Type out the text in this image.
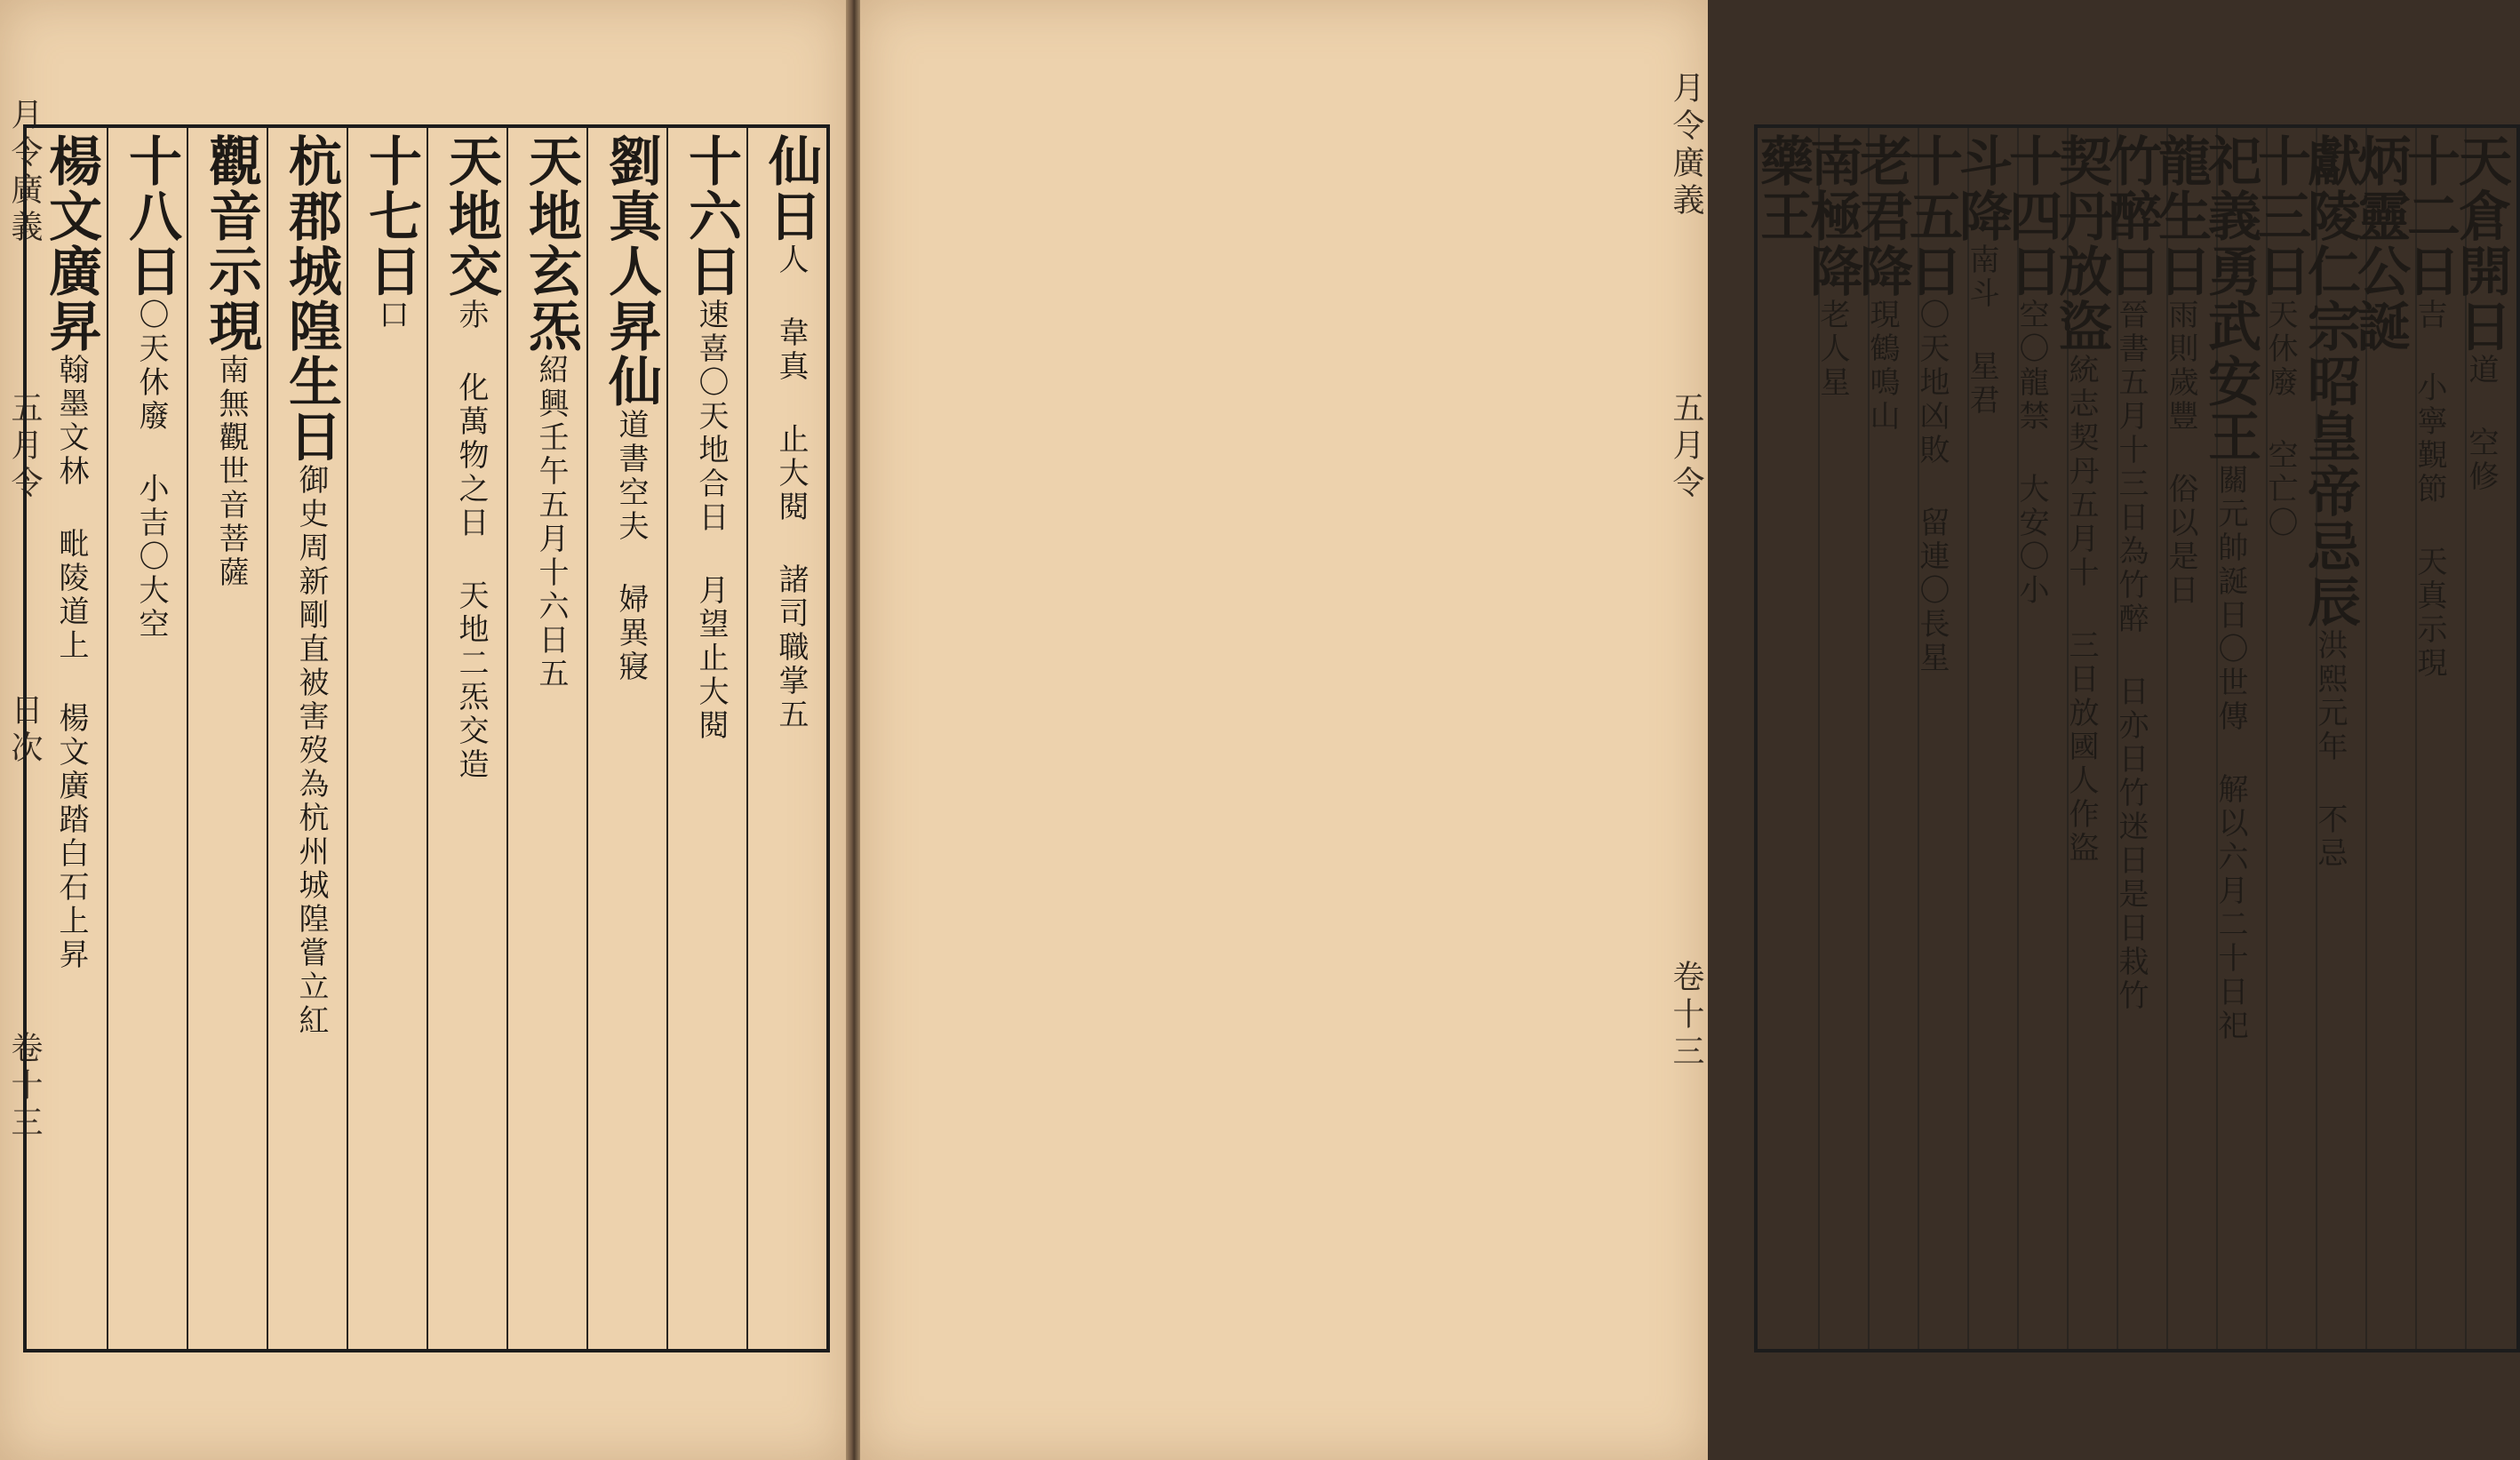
月令廣義
五月令
日次
卷十三
仙日人 韋真 止大閱 諸司職掌五
十六日速喜〇天地合日 月望止大閱
劉真人昇仙道書空夫 婦異寢
天地玄炁紹興壬午五月十六日五
天地交赤 化萬物之日 天地二炁交造
十七日口
杭郡城隍生日御史周新剛直被害歿為杭州城隍嘗立紅
觀音示現南無觀世音菩薩
十八日〇天休廢 小吉〇大空
楊文廣昇翰墨文林 毗陵道上 楊文廣踏白石上昇
月令廣義
五月令
卷十三
天倉開日道 空修
十二日吉 小寧覲節 天真示現
炳靈公誕
獻陵仁宗昭皇帝忌辰洪熙元年 不忌
十三日天休廢 空亡〇
祀義勇武安王關元帥誕日〇世傳 解以六月二十日祀
龍生日雨則歲豐 俗以是日
竹醉日晉書五月十三日為竹醉 日亦日竹迷日是日栽竹
契丹放盜統志契丹五月十 三日放國人作盜
十四日空〇龍禁 大安〇小
斗降南斗 星君
十五日〇天地凶敗 留連〇長星
老君降現鶴鳴山
南極降老人星
藥王
